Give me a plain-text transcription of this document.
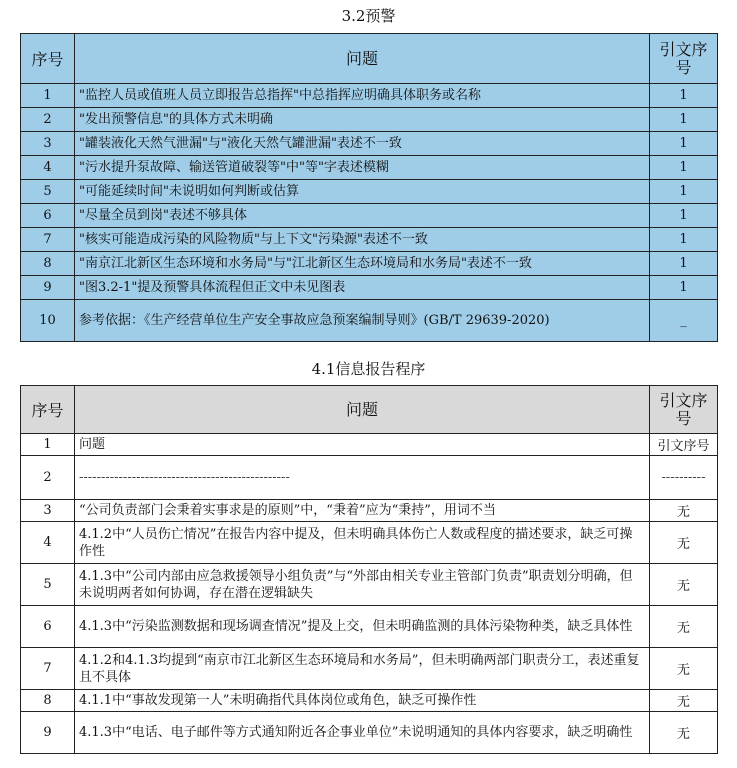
3.2预警
序号	问题	引文序号
1	"监控人员或值班人员立即报告总指挥"中总指挥应明确具体职务或名称	1
2	"发出预警信息"的具体方式未明确	1
3	"罐装液化天然气泄漏"与"液化天然气罐泄漏"表述不一致	1
4	"污水提升泵故障、输送管道破裂等"中"等"字表述模糊	1
5	"可能延续时间"未说明如何判断或估算	1
6	"尽量全员到岗"表述不够具体	1
7	"核实可能造成污染的风险物质"与上下文"污染源"表述不一致	1
8	"南京江北新区生态环境和水务局"与"江北新区生态环境局和水务局"表述不一致	1
9	"图3.2-1"提及预警具体流程但正文中未见图表	1
10	参考依据：《生产经营单位生产安全事故应急预案编制导则》(GB/T 29639-2020)	_
4.1信息报告程序
序号	问题	引文序号
1	问题	引文序号
2	------------------------------------------------	----------
3	“公司负责部门会秉着实事求是的原则”中，“秉着”应为“秉持”，用词不当	无
4	4.1.2中“人员伤亡情况”在报告内容中提及，但未明确具体伤亡人数或程度的描述要求，缺乏可操作性	无
5	4.1.3中“公司内部由应急救援领导小组负责”与“外部由相关专业主管部门负责”职责划分明确，但未说明两者如何协调，存在潜在逻辑缺失	无
6	4.1.3中“污染监测数据和现场调查情况”提及上交，但未明确监测的具体污染物种类，缺乏具体性	无
7	4.1.2和4.1.3均提到“南京市江北新区生态环境局和水务局”，但未明确两部门职责分工，表述重复且不具体	无
8	4.1.1中“事故发现第一人”未明确指代具体岗位或角色，缺乏可操作性	无
9	4.1.3中“电话、电子邮件等方式通知附近各企事业单位”未说明通知的具体内容要求，缺乏明确性	无
